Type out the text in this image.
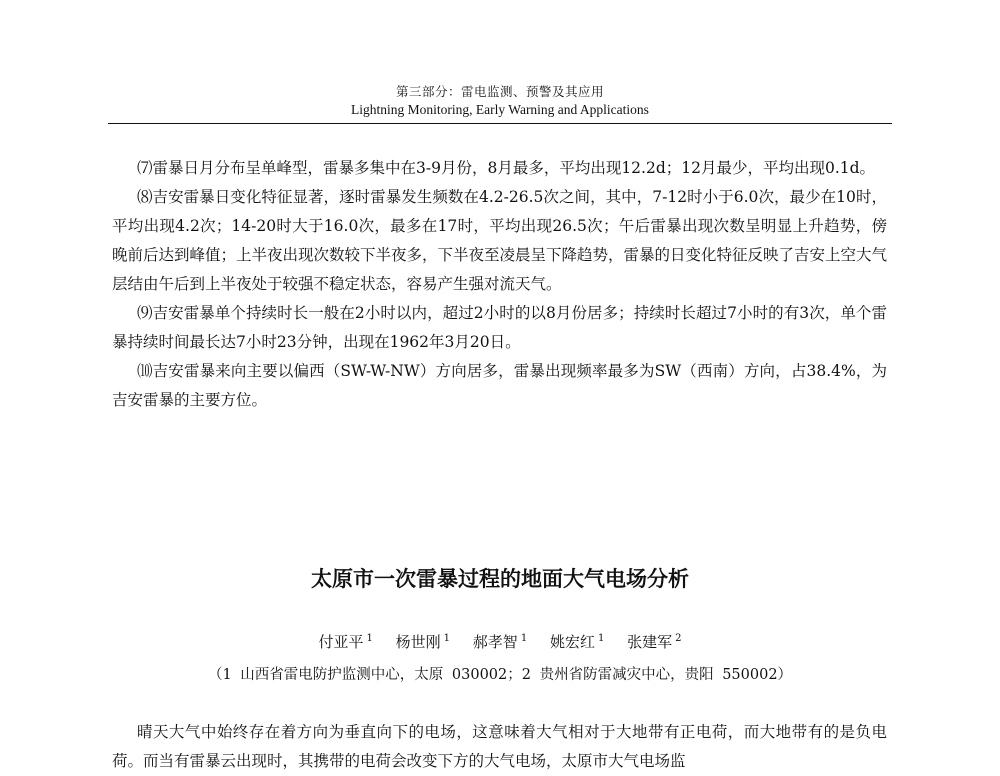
第三部分：雷电监测、预警及其应用
Lightning Monitoring, Early Warning and Applications

⑺雷暴日月分布呈单峰型，雷暴多集中在3-9月份，8月最多，平均出现12.2d；12月最少，平均出现0.1d。

⑻吉安雷暴日变化特征显著，逐时雷暴发生频数在4.2-26.5次之间，其中，7-12时小于6.0次，最少在10时，平均出现4.2次；14-20时大于16.0次，最多在17时，平均出现26.5次；午后雷暴出现次数呈明显上升趋势，傍晚前后达到峰值；上半夜出现次数较下半夜多，下半夜至凌晨呈下降趋势，雷暴的日变化特征反映了吉安上空大气层结由午后到上半夜处于较强不稳定状态，容易产生强对流天气。

⑼吉安雷暴单个持续时长一般在2小时以内，超过2小时的以8月份居多；持续时长超过7小时的有3次，单个雷暴持续时间最长达7小时23分钟，出现在1962年3月20日。

⑽吉安雷暴来向主要以偏西（SW-W-NW）方向居多，雷暴出现频率最多为SW（西南）方向，占38.4%，为吉安雷暴的主要方位。

太原市一次雷暴过程的地面大气电场分析
付亚平 $^1$ 杨世刚 $^1$ 郝孝智 $^1$ 姚宏红 $^1$ 张建军 $^2$
（1 山西省雷电防护监测中心，太原 030002；2 贵州省防雷减灾中心，贵阳 550002）

晴天大气中始终存在着方向为垂直向下的电场，这意味着大气相对于大地带有正电荷，而大地带有的是负电荷。而当有雷暴云出现时，其携带的电荷会改变下方的大气电场，太原市大气电场监
